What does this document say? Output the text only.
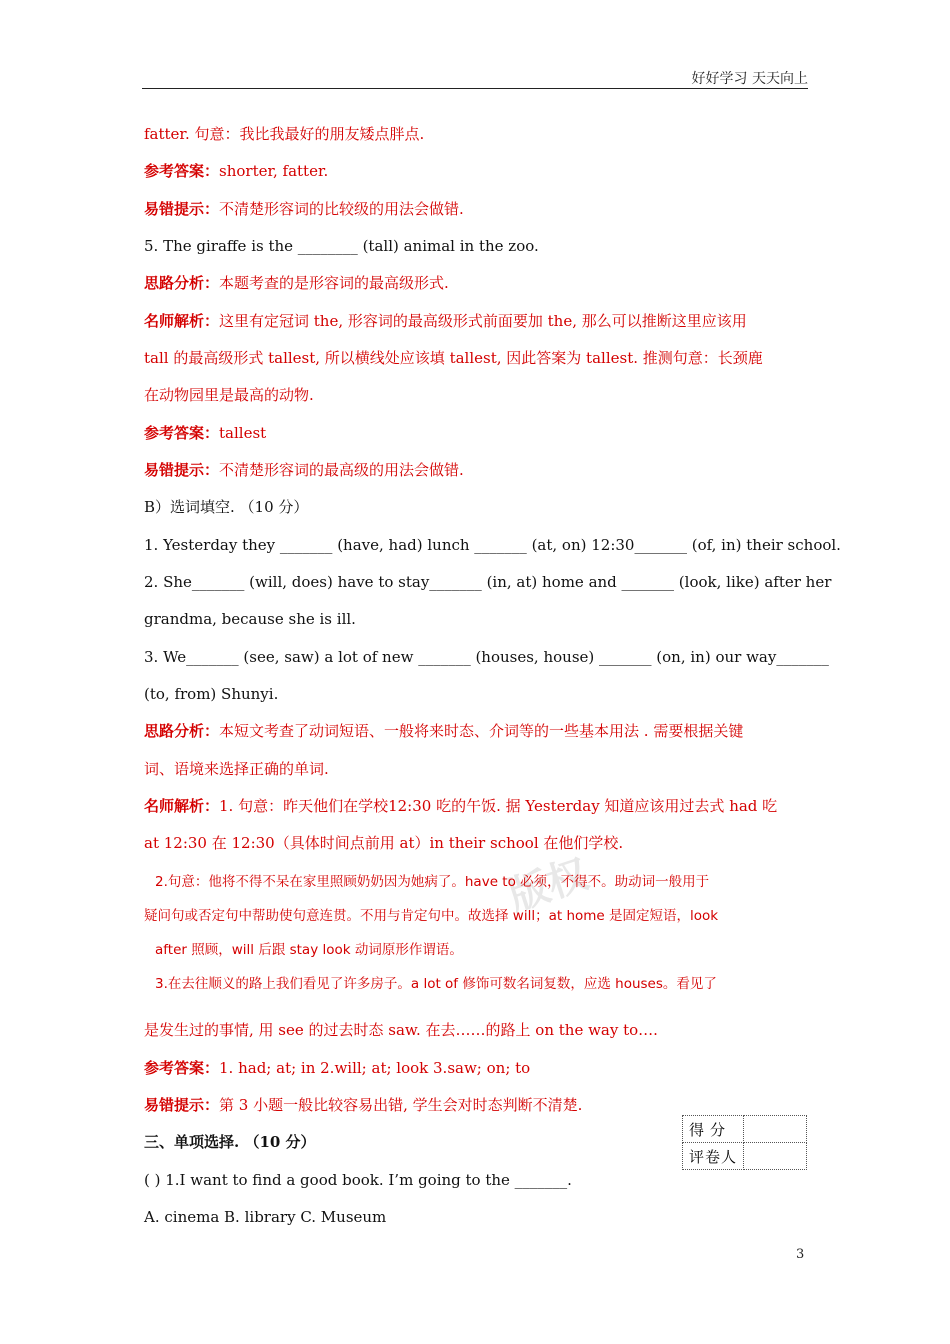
好好学习 天天向上
版权
fatter. 句意：我比我最好的朋友矮点胖点.
参考答案：shorter, fatter.
易错提示：不清楚形容词的比较级的用法会做错.
5. The giraffe is the ________ (tall) animal in the zoo.
思路分析：本题考查的是形容词的最高级形式.
名师解析：这里有定冠词 the, 形容词的最高级形式前面要加 the, 那么可以推断这里应该用
tall 的最高级形式 tallest, 所以横线处应该填 tallest, 因此答案为 tallest. 推测句意：长颈鹿
在动物园里是最高的动物.
参考答案：tallest
易错提示：不清楚形容词的最高级的用法会做错.
B）选词填空. （10 分）
1. Yesterday they _______ (have, had) lunch _______ (at, on) 12:30_______ (of, in) their school.
2. She_______ (will, does) have to stay_______ (in, at) home and _______ (look, like) after her
grandma, because she is ill.
3. We_______ (see, saw) a lot of new _______ (houses, house) _______ (on, in) our way_______
(to, from) Shunyi.
思路分析：本短文考查了动词短语、一般将来时态、介词等的一些基本用法 . 需要根据关键
词、语境来选择正确的单词.
名师解析：1. 句意：昨天他们在学校12:30 吃的午饭. 据 Yesterday 知道应该用过去式 had 吃
at 12:30 在 12:30（具体时间点前用 at）in their school 在他们学校.
2.句意：他将不得不呆在家里照顾奶奶因为她病了。have to 必须，不得不。助动词一般用于
疑问句或否定句中帮助使句意连贯。不用与肯定句中。故选择 will；at home 是固定短语，look
after 照顾，will 后跟 stay look 动词原形作谓语。
3.在去往顺义的路上我们看见了许多房子。a lot of 修饰可数名词复数，应选 houses。看见了
是发生过的事情, 用 see 的过去时态 saw. 在去……的路上 on the way to….
参考答案：1. had; at; in 2.will; at; look 3.saw; on; to
易错提示：第 3 小题一般比较容易出错, 学生会对时态判断不清楚.
三、单项选择. （10 分）
( ) 1.I want to find a good book. I’m going to the _______.
A. cinema B. library C. Museum
得分	
评卷人	
3
